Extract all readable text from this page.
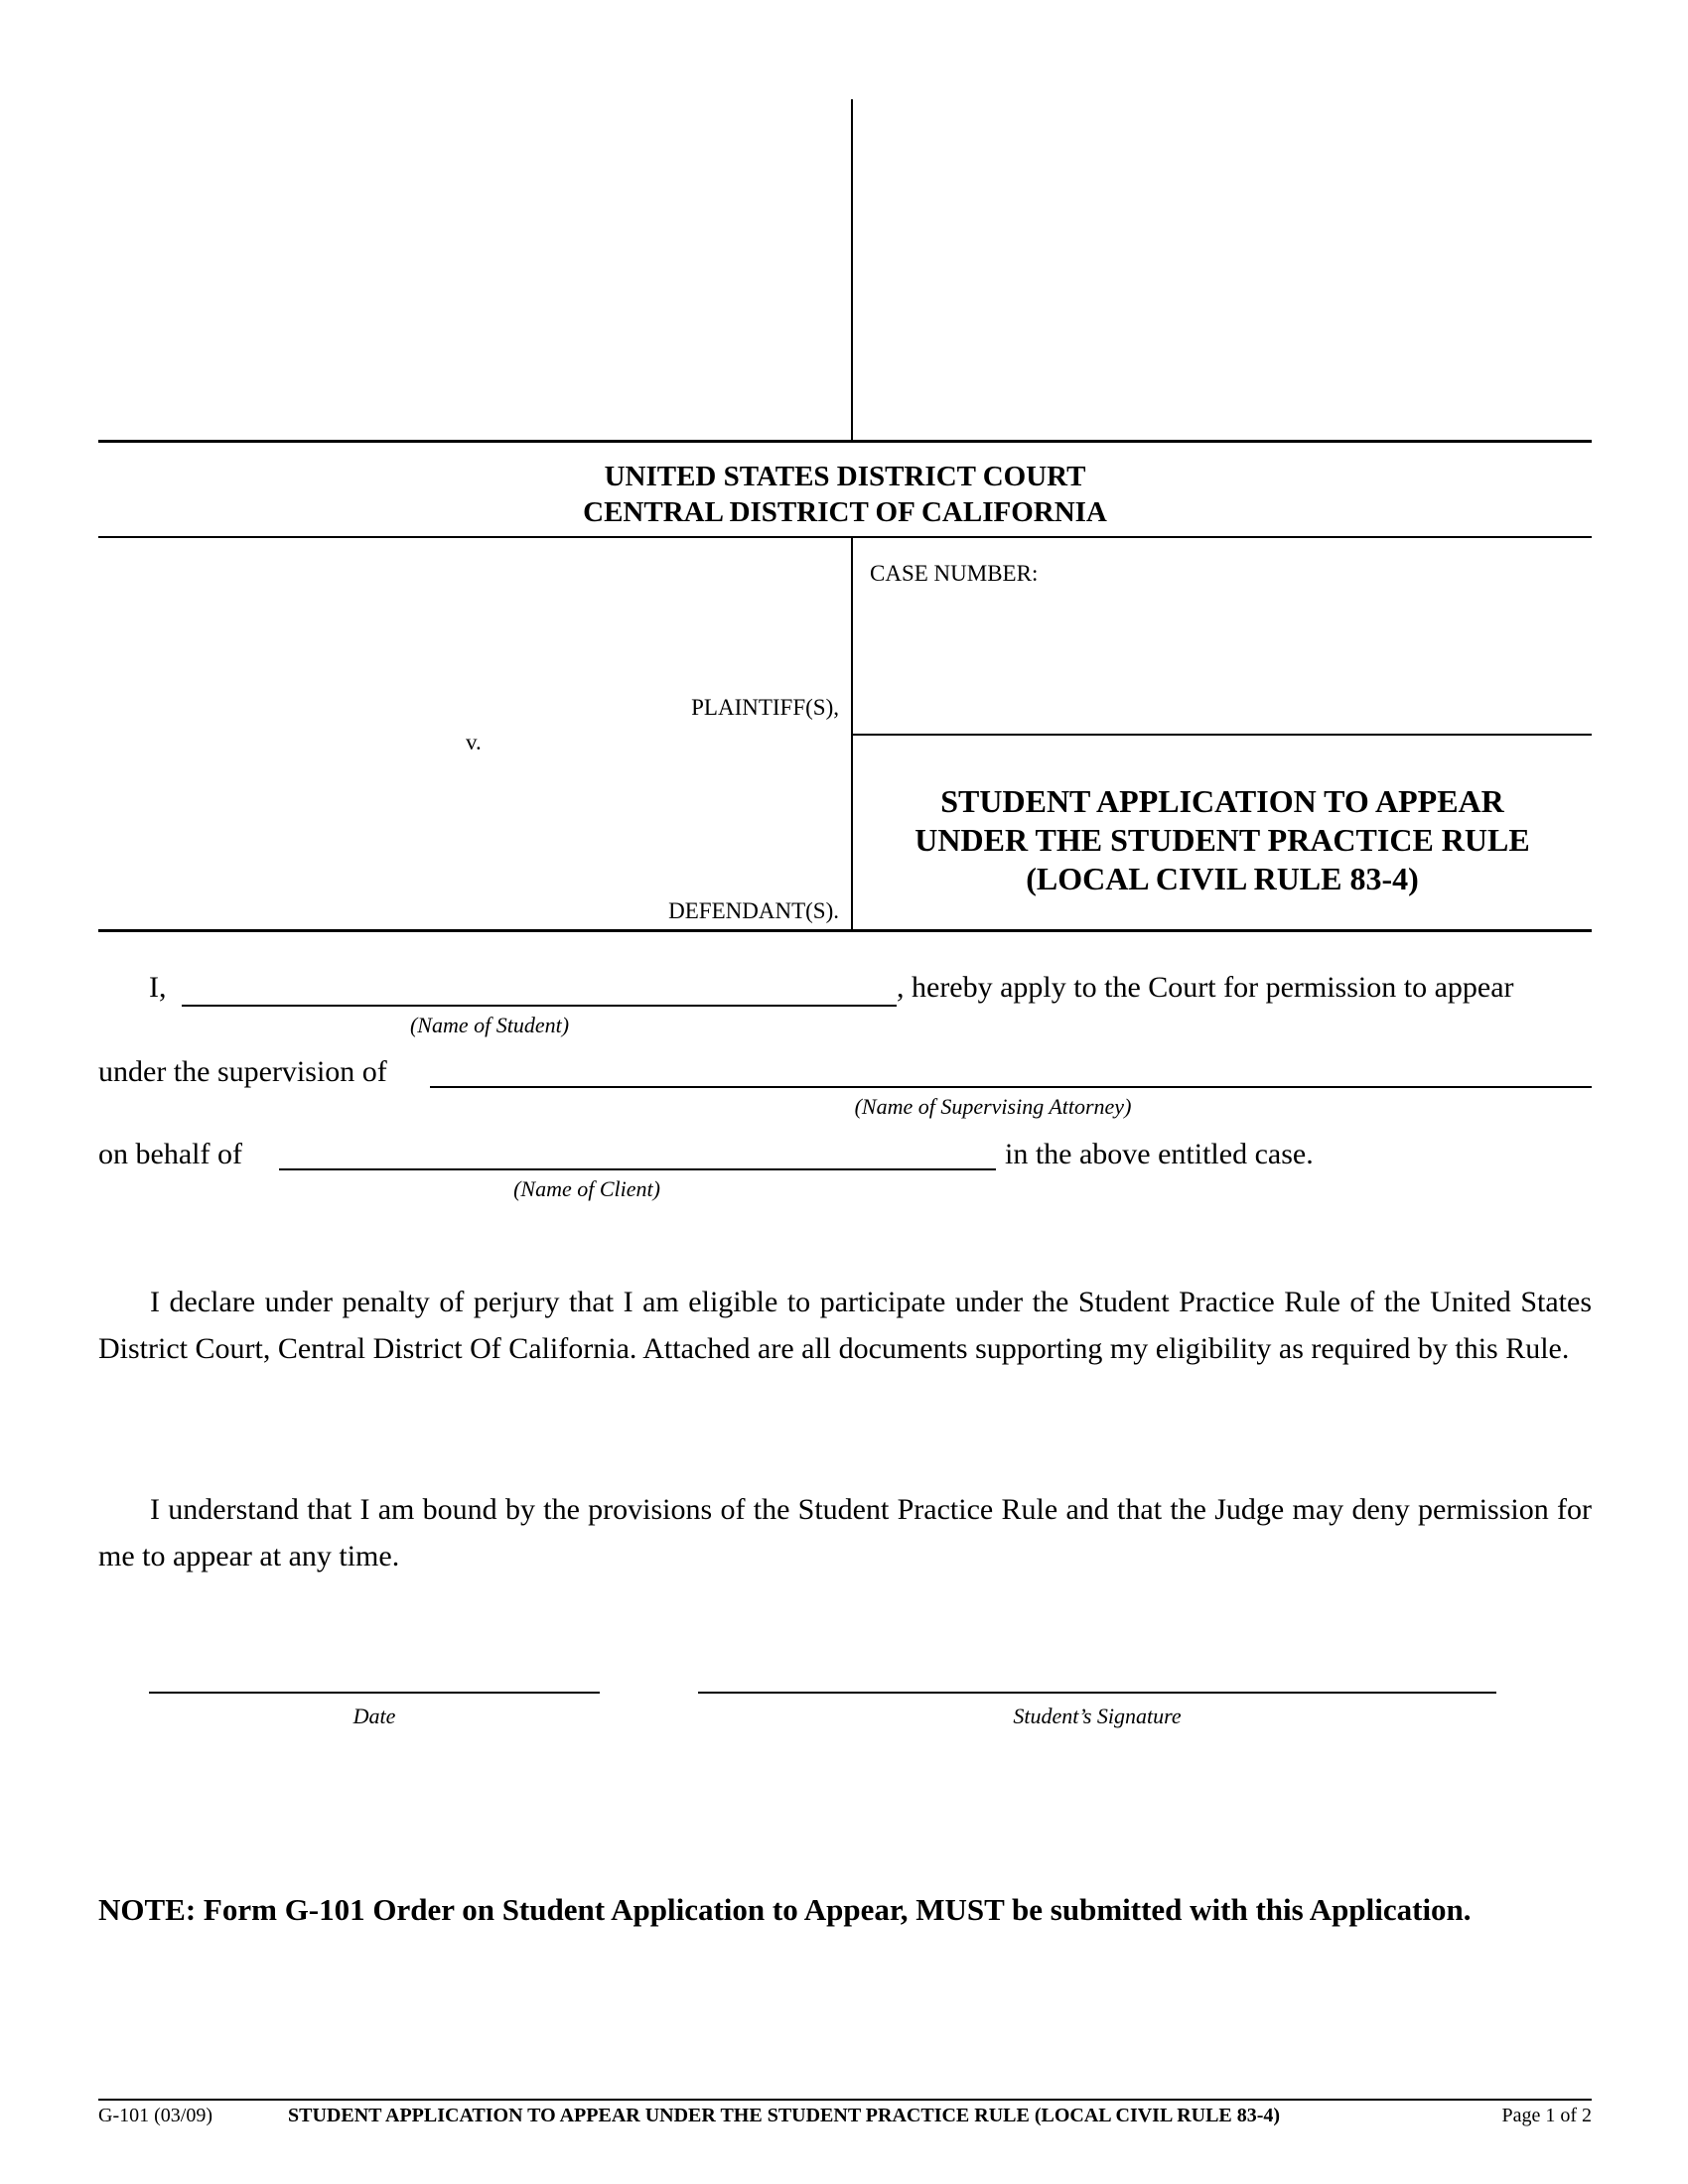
UNITED STATES DISTRICT COURT
CENTRAL DISTRICT OF CALIFORNIA
CASE NUMBER:
PLAINTIFF(S),
v.
DEFENDANT(S).
STUDENT APPLICATION TO APPEAR
UNDER THE STUDENT PRACTICE RULE
(LOCAL CIVIL RULE 83-4)
I,	, hereby apply to the Court for permission to appear
(Name of Student)
under the supervision of
(Name of Supervising Attorney)
on behalf of	in the above entitled case.
(Name of Client)
I declare under penalty of perjury that I am eligible to participate under the Student Practice Rule of the United States District Court, Central District Of California. Attached are all documents supporting my eligibility as required by this Rule.
I understand that I am bound by the provisions of the Student Practice Rule and that the Judge may deny permission for me to appear at any time.
Date	Student’s Signature
NOTE: Form G-101 Order on Student Application to Appear, MUST be submitted with this Application.
G-101 (03/09)	STUDENT APPLICATION TO APPEAR UNDER THE STUDENT PRACTICE RULE (LOCAL CIVIL RULE 83-4)	Page 1 of 2
